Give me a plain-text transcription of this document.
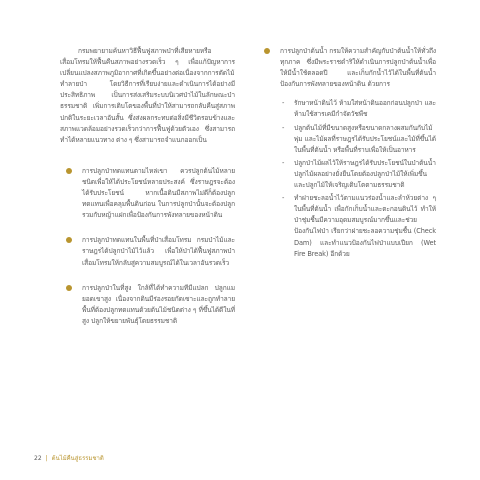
กรมพยายามค้นหาวิธีฟื้นฟูสภาพป่าที่เสียหายหรือเสื่อมโทรมให้ฟื้นคืนสภาพอย่างรวดเร็ว ๆ เพื่อแก้ปัญหาการเปลี่ยนแปลงสภาพภูมิอากาศที่เกิดขึ้นอย่างต่อเนื่องจากการตัดไม้ทำลายป่า โดยวิธีการที่เรียบง่ายและดำเนินการได้อย่างมีประสิทธิภาพ เป็นการส่งเสริมระบบนิเวศป่าไม้ในลักษณะป่าธรรมชาติ เพิ่มการเติบโตของพื้นที่ป่าให้สามารถกลับคืนสู่สภาพปกติในระยะเวลาอันสั้น ซึ่งส่งผลกระทบต่อสิ่งมีชีวิตรอบข้างและสภาพแวดล้อมอย่างรวดเร็วกว่าการฟื้นฟูด้วยตัวเอง ซึ่งสามารถทำได้หลายแนวทาง ต่าง ๆ ซึ่งสามารถจำแนกออกเป็น

การปลูกป่าทดแทนตามไหล่เขา ควรปลูกต้นไม้หลายชนิดเพื่อให้ได้ประโยชน์หลายประสงค์ ซึ่งราษฎรจะต้องได้รับประโยชน์ หากเนื้อดินมีสภาพไม่ดีก็ต้องปลูกทดแทนเพื่อคลุมพื้นดินก่อน ในการปลูกป่านั้นจะต้องปลูกรวมกับหญ้าแฝกเพื่อป้องกันการพังทลายของหน้าดิน

การปลูกป่าทดแทนในพื้นที่ป่าเสื่อมโทรม กรมป่าไม้และราษฎรได้ปลูกป่าไม้ไว้แล้ว เพื่อให้ป่าได้ฟื้นฟูสภาพป่าเสื่อมโทรมให้กลับสู่ความสมบูรณ์ได้ในเวลาอันรวดเร็ว

การปลูกป่าในที่สูง ใกล้ที่ได้ทำความทีมีแปลก ปลูกแมยอดเขาสูง เนื่องจากดินมีร่องรอยกัดเซาะและถูกทำลาย พื้นที่ต้องปลูกทดแทนด้วยต้นไม้ชนิดต่าง ๆ ที่ขึ้นได้ดีในที่สูง ปลูกให้ขยายพันธุ์โดยธรรมชาติ

การปลูกป่าต้นน้ำ กรมให้ความสำคัญกับป่าต้นน้ำให้ทั่วถึงทุกภาค ซึ่งมีพระราชดำริให้ดำเนินการปลูกป่าต้นน้ำเพื่อให้มีน้ำใช้ตลอดปี และเก็บกักน้ำไว้ได้ในพื้นที่ต้นน้ำ ป้องกันการพังทลายของหน้าดิน ด้วยการ

- รักษาหน้าดินไว้ ห้ามใส่หน้าดินออกก่อนปลูกป่า และห้ามใช้สารเคมีกำจัดวัชพืช

- ปลูกต้นไม้ที่มีขนาดสูงหรือขนาดกลางผสมกันกับไม้พุ่ม และไม้ผลที่ราษฎรได้รับประโยชน์และไม้ที่ขึ้นได้ในพื้นที่ต้นน้ำ หรือพื้นที่ราบเพื่อให้เป็นอาหาร

- ปลูกป่าไม้ผลไว้ให้ราษฎรได้รับประโยชน์ในป่าต้นน้ำ ปลูกไม้ผลอย่างยั่งยืนโดยต้องปลูกป่าไม้ให้เพิ่มขึ้นและปลูกไม้ให้เจริญเติบโตตามธรรมชาติ

- ทำฝายชะลอน้ำไว้ตามแนวร่องน้ำและลำห้วยต่าง ๆ ในพื้นที่ต้นน้ำ เพื่อกักเก็บน้ำและตะกอนดินไว้ ทำให้ป่าชุ่มชื้นมีความอุดมสมบูรณ์มากขึ้นและช่วยป้องกันไฟป่า เรียกว่าฝายชะลอความชุ่มชื้น (Check Dam) และทำแนวป้องกันไฟป่าแบบเปียก (Wet Fire Break) อีกด้วย

22 | ต้นไม้คืนสู่ธรรมชาติ
